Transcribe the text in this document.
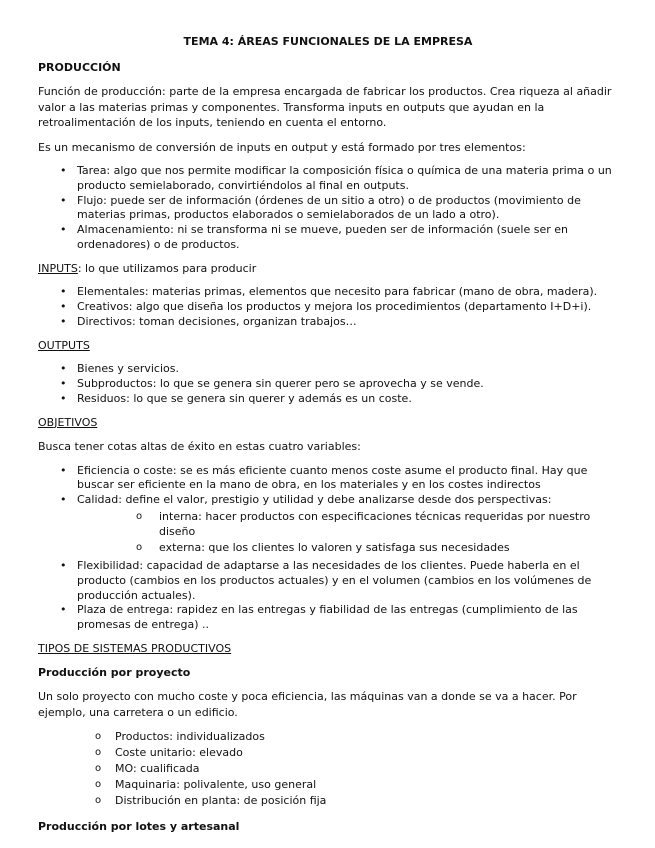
TEMA 4: ÁREAS FUNCIONALES DE LA EMPRESA
PRODUCCIÓN
Función de producción: parte de la empresa encargada de fabricar los productos. Crea riqueza al añadir valor a las materias primas y componentes. Transforma inputs en outputs que ayudan en la retroalimentación de los inputs, teniendo en cuenta el entorno.
Es un mecanismo de conversión de inputs en output y está formado por tres elementos:
• Tarea: algo que nos permite modificar la composición física o química de una materia prima o un producto semielaborado, convirtiéndolos al final en outputs.
• Flujo: puede ser de información (órdenes de un sitio a otro) o de productos (movimiento de materias primas, productos elaborados o semielaborados de un lado a otro).
• Almacenamiento: ni se transforma ni se mueve, pueden ser de información (suele ser en ordenadores) o de productos.
INPUTS: lo que utilizamos para producir
• Elementales: materias primas, elementos que necesito para fabricar (mano de obra, madera).
• Creativos: algo que diseña los productos y mejora los procedimientos (departamento I+D+i).
• Directivos: toman decisiones, organizan trabajos…
OUTPUTS
• Bienes y servicios.
• Subproductos: lo que se genera sin querer pero se aprovecha y se vende.
• Residuos: lo que se genera sin querer y además es un coste.
OBJETIVOS
Busca tener cotas altas de éxito en estas cuatro variables:
• Eficiencia o coste: se es más eficiente cuanto menos coste asume el producto final. Hay que buscar ser eficiente en la mano de obra, en los materiales y en los costes indirectos
• Calidad: define el valor, prestigio y utilidad y debe analizarse desde dos perspectivas:
o interna: hacer productos con especificaciones técnicas requeridas por nuestro diseño
o externa: que los clientes lo valoren y satisfaga sus necesidades
• Flexibilidad: capacidad de adaptarse a las necesidades de los clientes. Puede haberla en el producto (cambios en los productos actuales) y en el volumen (cambios en los volúmenes de producción actuales).
• Plaza de entrega: rapidez en las entregas y fiabilidad de las entregas (cumplimiento de las promesas de entrega) ..
TIPOS DE SISTEMAS PRODUCTIVOS
Producción por proyecto
Un solo proyecto con mucho coste y poca eficiencia, las máquinas van a donde se va a hacer. Por ejemplo, una carretera o un edificio.
o Productos: individualizados
o Coste unitario: elevado
o MO: cualificada
o Maquinaria: polivalente, uso general
o Distribución en planta: de posición fija
Producción por lotes y artesanal
